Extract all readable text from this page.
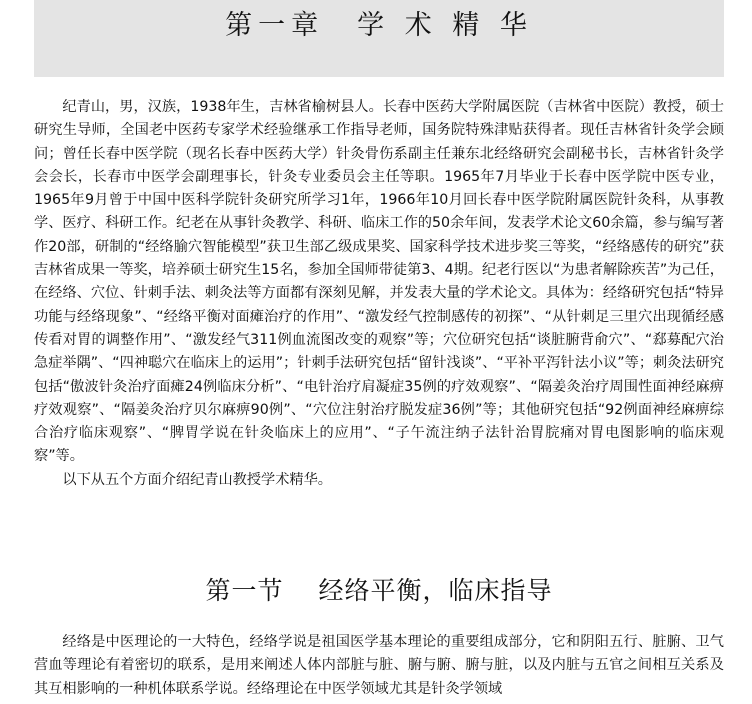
第一章　学 术 精 华

纪青山，男，汉族，1938年生，吉林省榆树县人。长春中医药大学附属医院（吉林省中医院）教授，硕士研究生导师，全国老中医药专家学术经验继承工作指导老师，国务院特殊津贴获得者。现任吉林省针灸学会顾问；曾任长春中医学院（现名长春中医药大学）针灸骨伤系副主任兼东北经络研究会副秘书长，吉林省针灸学会会长，长春市中医学会副理事长，针灸专业委员会主任等职。1965年7月毕业于长春中医学院中医专业，1965年9月曾于中国中医科学院针灸研究所学习1年，1966年10月回长春中医学院附属医院针灸科，从事教学、医疗、科研工作。纪老在从事针灸教学、科研、临床工作的50余年间，发表学术论文60余篇，参与编写著作20部，研制的“经络腧穴智能模型”获卫生部乙级成果奖、国家科学技术进步奖三等奖，“经络感传的研究”获吉林省成果一等奖，培养硕士研究生15名，参加全国师带徒第3、4期。纪老行医以“为患者解除疾苦”为己任，在经络、穴位、针刺手法、刺灸法等方面都有深刻见解，并发表大量的学术论文。具体为：经络研究包括“特异功能与经络现象”、“经络平衡对面瘫治疗的作用”、“激发经气控制感传的初探”、“从针刺足三里穴出现循经感传看对胃的调整作用”、“激发经气311例血流图改变的观察”等；穴位研究包括“谈脏腑背俞穴”、“郄募配穴治急症举隅”、“四神聪穴在临床上的运用”；针刺手法研究包括“留针浅谈”、“平补平泻针法小议”等；刺灸法研究包括“傲波针灸治疗面瘫24例临床分析”、“电针治疗肩凝症35例的疗效观察”、“隔姜灸治疗周围性面神经麻痹疗效观察”、“隔姜灸治疗贝尔麻痹90例”、“穴位注射治疗脱发症36例”等；其他研究包括“92例面神经麻痹综合治疗临床观察”、“脾胃学说在针灸临床上的应用”、“子午流注纳子法针治胃脘痛对胃电图影响的临床观察”等。

以下从五个方面介绍纪青山教授学术精华。

第一节　 经络平衡，临床指导

经络是中医理论的一大特色，经络学说是祖国医学基本理论的重要组成部分，它和阴阳五行、脏腑、卫气营血等理论有着密切的联系，是用来阐述人体内部脏与脏、腑与腑、腑与脏，以及内脏与五官之间相互关系及其互相影响的一种机体联系学说。经络理论在中医学领域尤其是针灸学领域
